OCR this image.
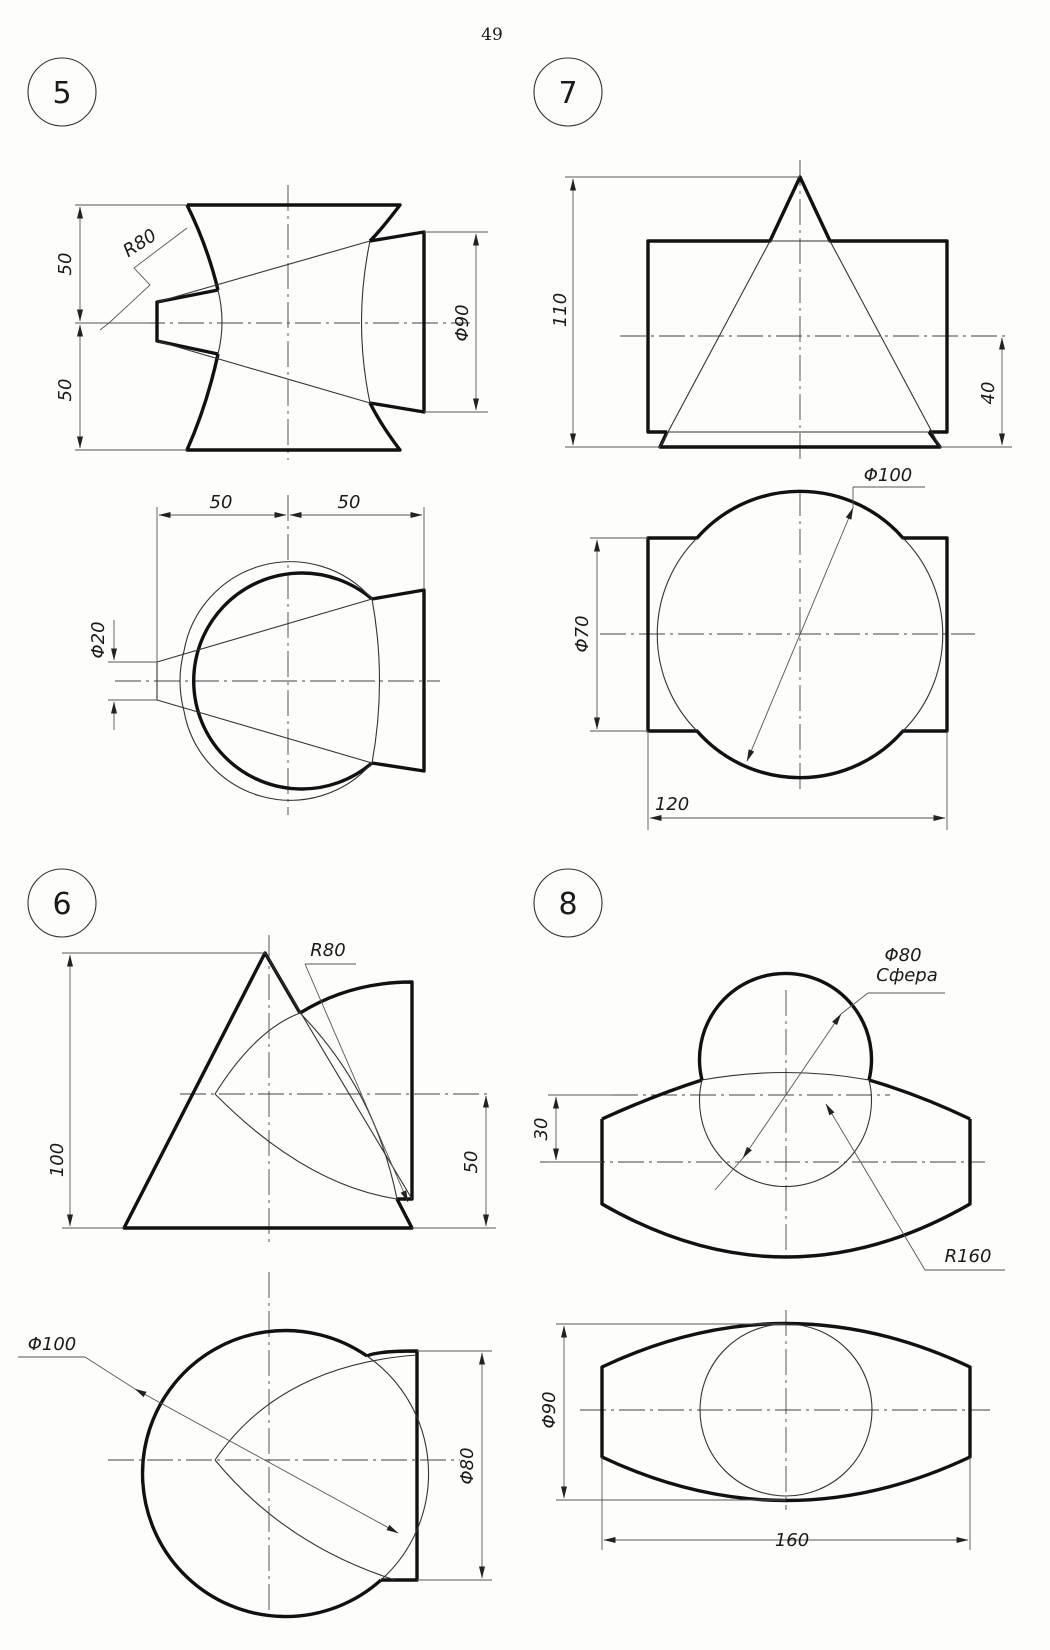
49
5
R80
50
50
Φ90
50	50
Φ20
7
110
40
Φ100
Φ70
120
6
R80
100	50
Φ100
Φ80
8
Φ80
Сфера
30
R160
Φ90
160
